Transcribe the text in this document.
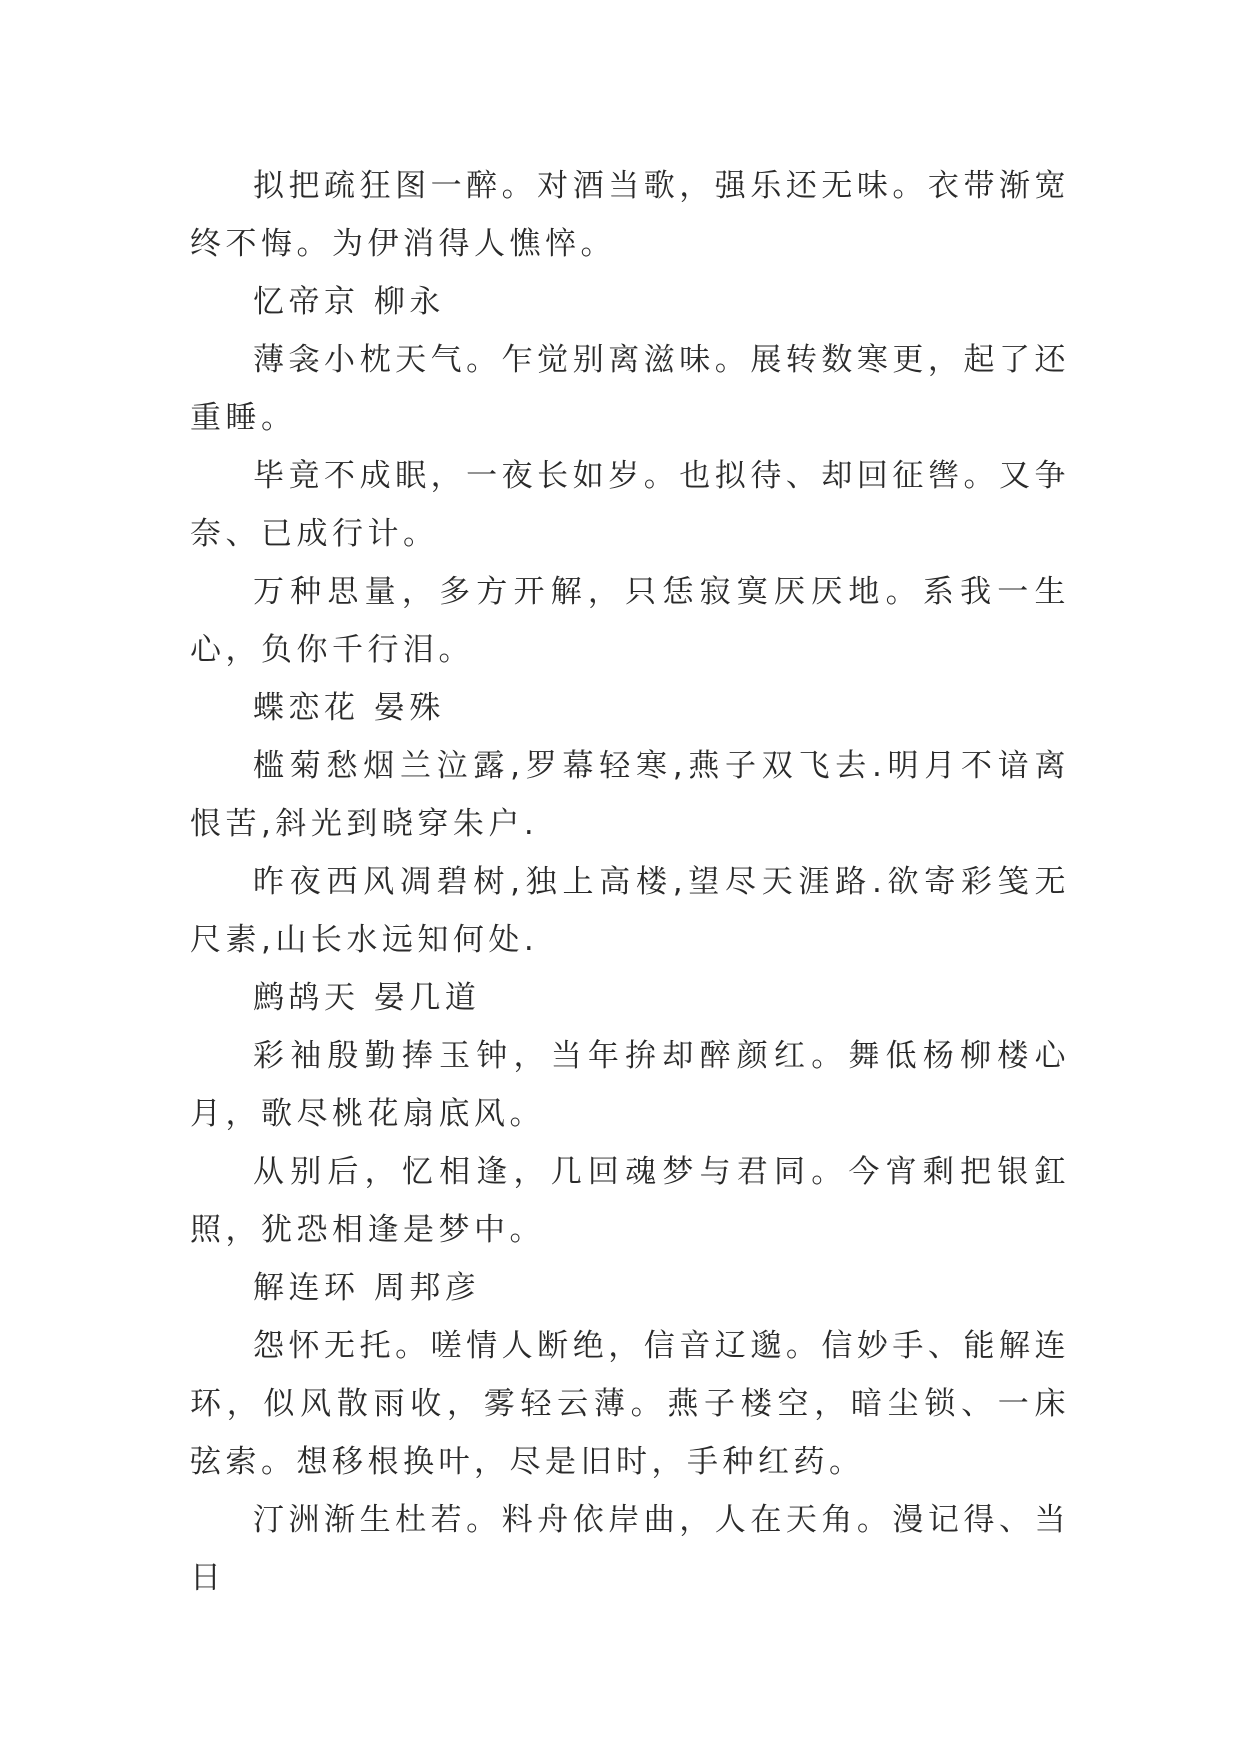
拟把疏狂图一醉。对酒当歌，强乐还无味。衣带渐宽终不悔。为伊消得人憔悴。

忆帝京 柳永

薄衾小枕天气。乍觉别离滋味。展转数寒更，起了还重睡。

毕竟不成眠，一夜长如岁。也拟待、却回征辔。又争奈、已成行计。

万种思量，多方开解，只恁寂寞厌厌地。系我一生心，负你千行泪。

蝶恋花 晏殊

槛菊愁烟兰泣露,罗幕轻寒,燕子双飞去.明月不谙离恨苦,斜光到晓穿朱户.

昨夜西风凋碧树,独上高楼,望尽天涯路.欲寄彩笺无尺素,山长水远知何处.

鹧鸪天 晏几道

彩袖殷勤捧玉钟，当年拚却醉颜红。舞低杨柳楼心月，歌尽桃花扇底风。

从别后，忆相逢，几回魂梦与君同。今宵剩把银釭照，犹恐相逢是梦中。

解连环 周邦彦

怨怀无托。嗟情人断绝，信音辽邈。信妙手、能解连环，似风散雨收，雾轻云薄。燕子楼空，暗尘锁、一床弦索。想移根换叶，尽是旧时，手种红药。

汀洲渐生杜若。料舟依岸曲，人在天角。漫记得、当日
